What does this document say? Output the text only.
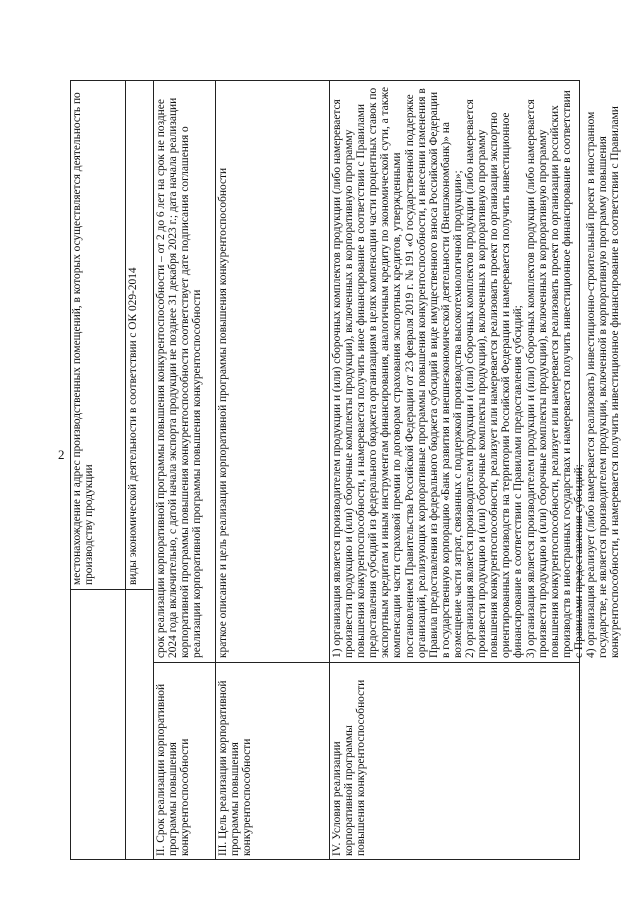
2 местонахождение и адрес производственных помещений, в которых осуществляется деятельность по производству продукции	виды экономической деятельности в соответствии с ОК 029-2014
II. Срок реализации корпоративной программы повышения конкурентоспособности
срок реализации корпоративной программы повышения конкурентоспособности – от 2 до 6 лет на срок не позднее 2024 года включительно, с датой начала экспорта продукции не позднее 31 декабря 2023 г.; дата начала реализации корпоративной программы повышения конкурентоспособности соответствует дате подписания соглашения о реализации корпоративной программы повышения конкурентоспособности
III. Цель реализации корпоративной программы повышения конкурентоспособности
краткое описание и цель реализации корпоративной программы повышения конкурентоспособности
IV. Условия реализации корпоративной программы повышения конкурентоспособности

1) организация является производителем продукции и (или) сборочных комплектов продукции (либо намеревается произвести продукцию и (или) сборочные комплекты продукции), включенных в корпоративную программу повышения конкурентоспособности, и намеревается получить иное финансирование в соответствии с Правилами предоставления субсидий из федерального бюджета организациям в целях компенсации части процентных ставок по экспортным кредитам и иным инструментам финансирования, аналогичным кредиту по экономической сути, а также компенсации части страховой премии по договорам страхования экспортных кредитов, утвержденными постановлением Правительства Российской Федерации от 23 февраля 2019 г. № 191 «О государственной поддержке организаций, реализующих корпоративные программы повышения конкурентоспособности, и внесении изменения в Правила предоставления из федерального бюджета субсидий в виде имущественного взноса Российской Федерации в государственную корпорацию «Банк развития и внешнеэкономической деятельности (Внешэкономбанк)» на возмещение части затрат, связанных с поддержкой производства высокотехнологичной продукции»; 2) организация является производителем продукции и (или) сборочных комплектов продукции (либо намеревается произвести продукцию и (или) сборочные комплекты продукции), включенных в корпоративную программу повышения конкурентоспособности, реализует или намеревается реализовать проект по организации экспортно ориентированных производств на территории Российской Федерации и намеревается получить инвестиционное финансирование в соответствии с Правилами предоставления субсидий; 3) организация является производителем продукции и (или) сборочных комплектов продукции (либо намеревается произвести продукцию и (или) сборочные комплекты продукции), включенных в корпоративную программу повышения конкурентоспособности, реализует или намеревается реализовать проект по организации российских производств в иностранных государствах и намеревается получить инвестиционное финансирование в соответствии с Правилами предоставления субсидий; 4) организация реализует (либо намеревается реализовать) инвестиционно-строительный проект в иностранном государстве, не является производителем продукции, включенной в корпоративную программу повышения конкурентоспособности, и намеревается получить инвестиционное финансирование в соответствии с Правилами
